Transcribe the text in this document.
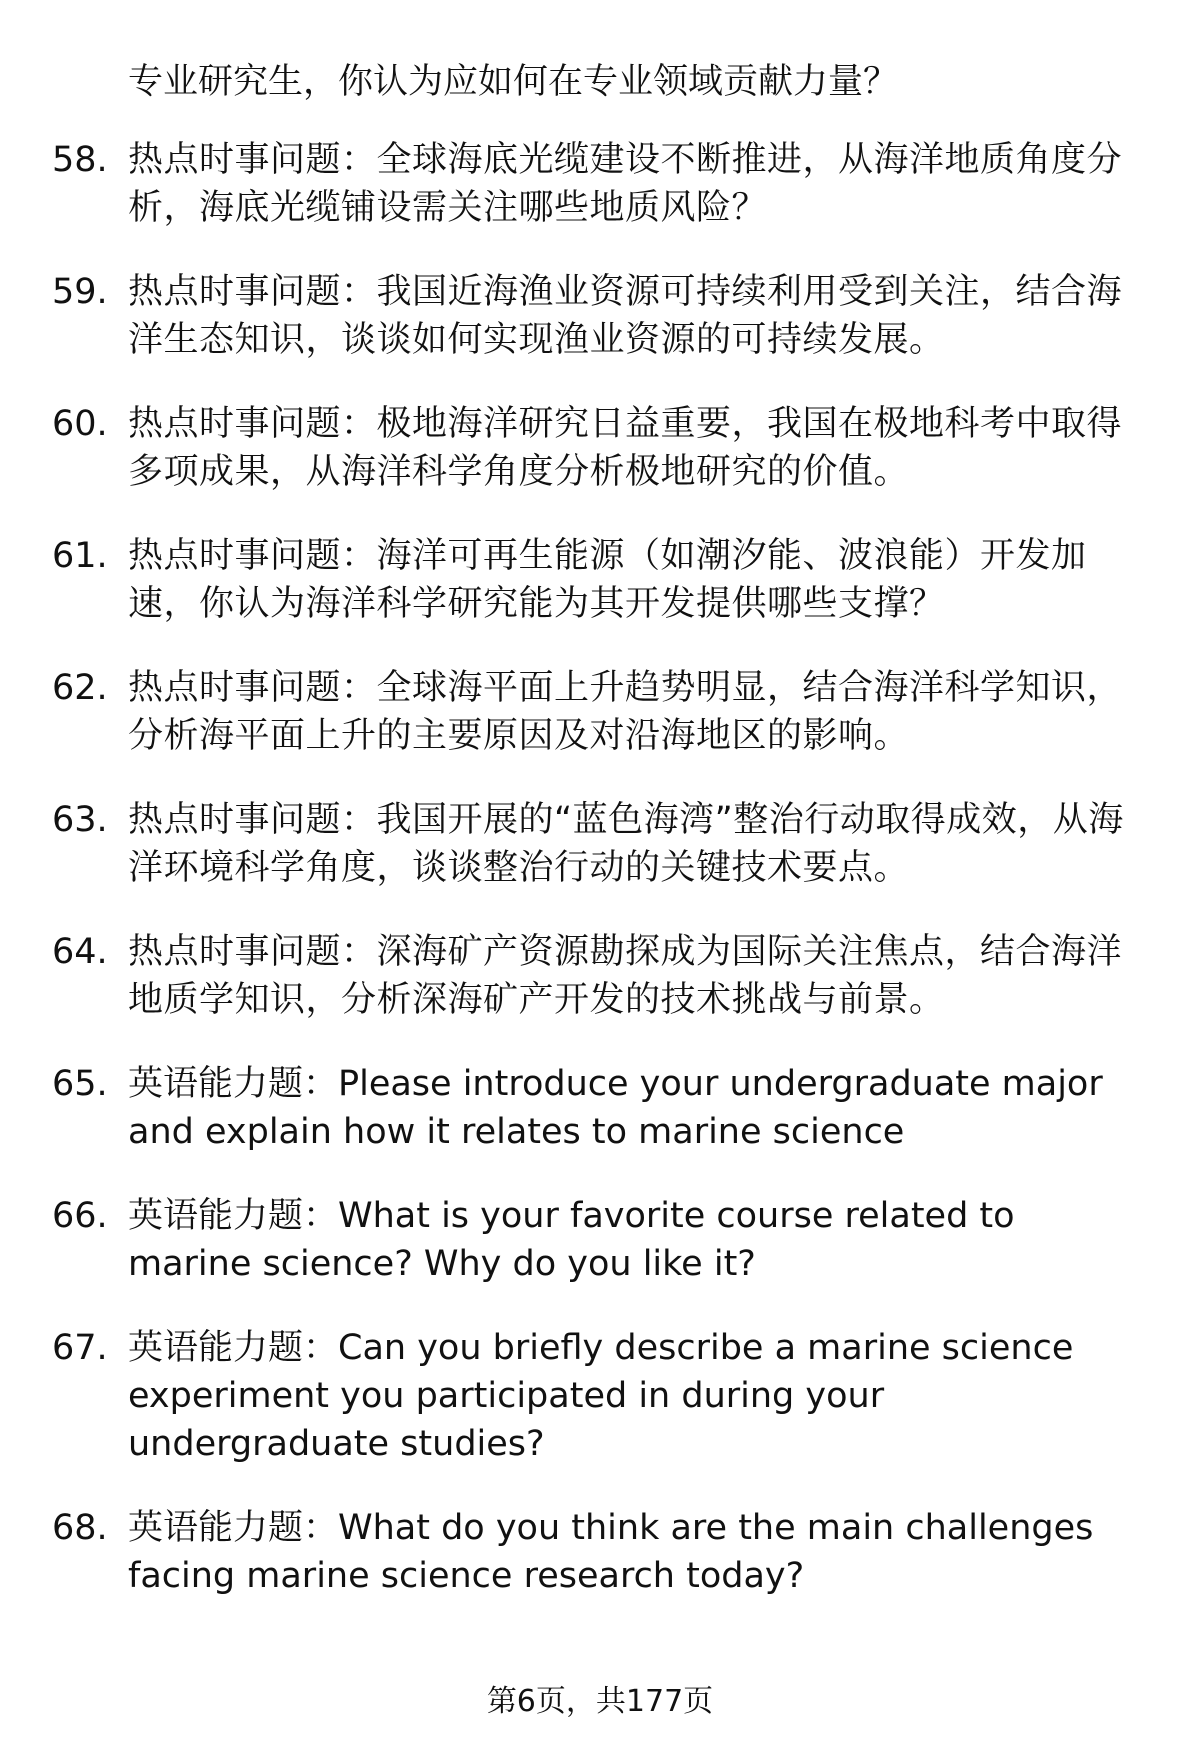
专业研究生，你认为应如何在专业领域贡献力量？
58. 热点时事问题：全球海底光缆建设不断推进，从海洋地质角度分析，海底光缆铺设需关注哪些地质风险？
59. 热点时事问题：我国近海渔业资源可持续利用受到关注，结合海洋生态知识，谈谈如何实现渔业资源的可持续发展。
60. 热点时事问题：极地海洋研究日益重要，我国在极地科考中取得多项成果，从海洋科学角度分析极地研究的价值。
61. 热点时事问题：海洋可再生能源（如潮汐能、波浪能）开发加速，你认为海洋科学研究能为其开发提供哪些支撑？
62. 热点时事问题：全球海平面上升趋势明显，结合海洋科学知识，分析海平面上升的主要原因及对沿海地区的影响。
63. 热点时事问题：我国开展的“蓝色海湾”整治行动取得成效，从海洋环境科学角度，谈谈整治行动的关键技术要点。
64. 热点时事问题：深海矿产资源勘探成为国际关注焦点，结合海洋地质学知识，分析深海矿产开发的技术挑战与前景。
65. 英语能力题：Please introduce your undergraduate major and explain how it relates to marine science
66. 英语能力题：What is your favorite course related to marine science? Why do you like it?
67. 英语能力题：Can you briefly describe a marine science experiment you participated in during your undergraduate studies?
68. 英语能力题：What do you think are the main challenges facing marine science research today?
第6页，共177页
